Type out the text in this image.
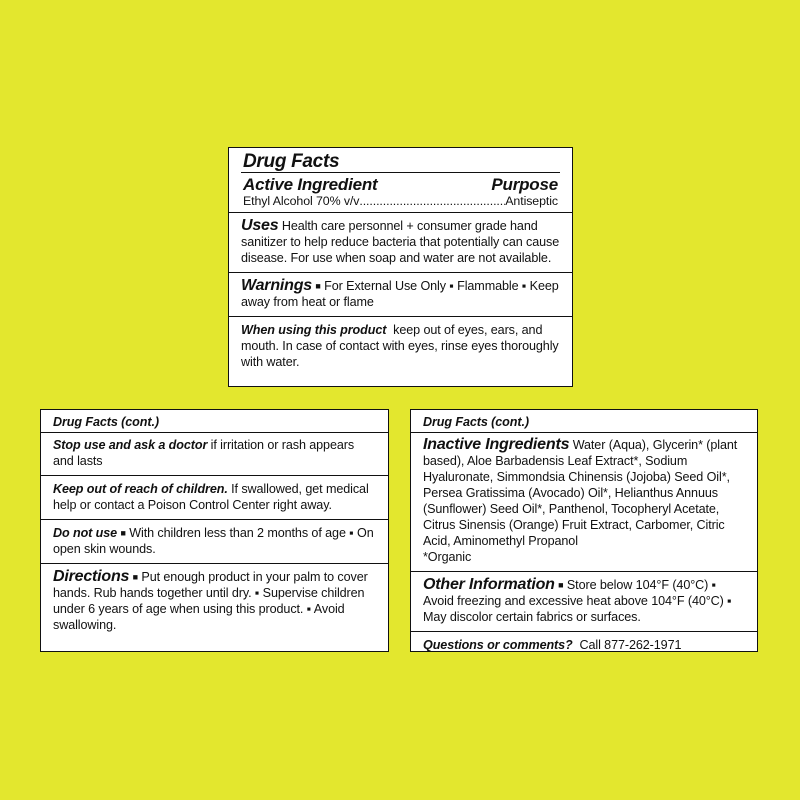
Drug Facts
Active Ingredient	Purpose
Ethyl Alcohol 70% v/v
.....	Antiseptic

Uses Health care personnel + consumer grade hand sanitizer to help reduce bacteria that potentially can cause disease. For use when soap and water are not available.

Warnings ■ For External Use Only ▪ Flammable ▪ Keep away from heat or flame

When using this product keep out of eyes, ears, and mouth. In case of contact with eyes, rinse eyes thoroughly with water.

Drug Facts (cont.)

Stop use and ask a doctor if irritation or rash appears and lasts

Keep out of reach of children. If swallowed, get medical help or contact a Poison Control Center right away.

Do not use ■ With children less than 2 months of age ▪ On open skin wounds.

Directions ■ Put enough product in your palm to cover hands. Rub hands together until dry. ▪ Supervise children under 6 years of age when using this product. ▪ Avoid swallowing.

Drug Facts (cont.)

Inactive Ingredients Water (Aqua), Glycerin* (plant based), Aloe Barbadensis Leaf Extract*, Sodium Hyaluronate, Simmondsia Chinensis (Jojoba) Seed Oil*, Persea Gratissima (Avocado) Oil*, Helianthus Annuus (Sunflower) Seed Oil*, Panthenol, Tocopheryl Acetate, Citrus Sinensis (Orange) Fruit Extract, Carbomer, Citric Acid, Aminomethyl Propanol

*Organic

Other Information ■ Store below 104°F (40°C) ▪ Avoid freezing and excessive heat above 104°F (40°C) ▪ May discolor certain fabrics or surfaces.

Questions or comments? Call 877-262-1971
